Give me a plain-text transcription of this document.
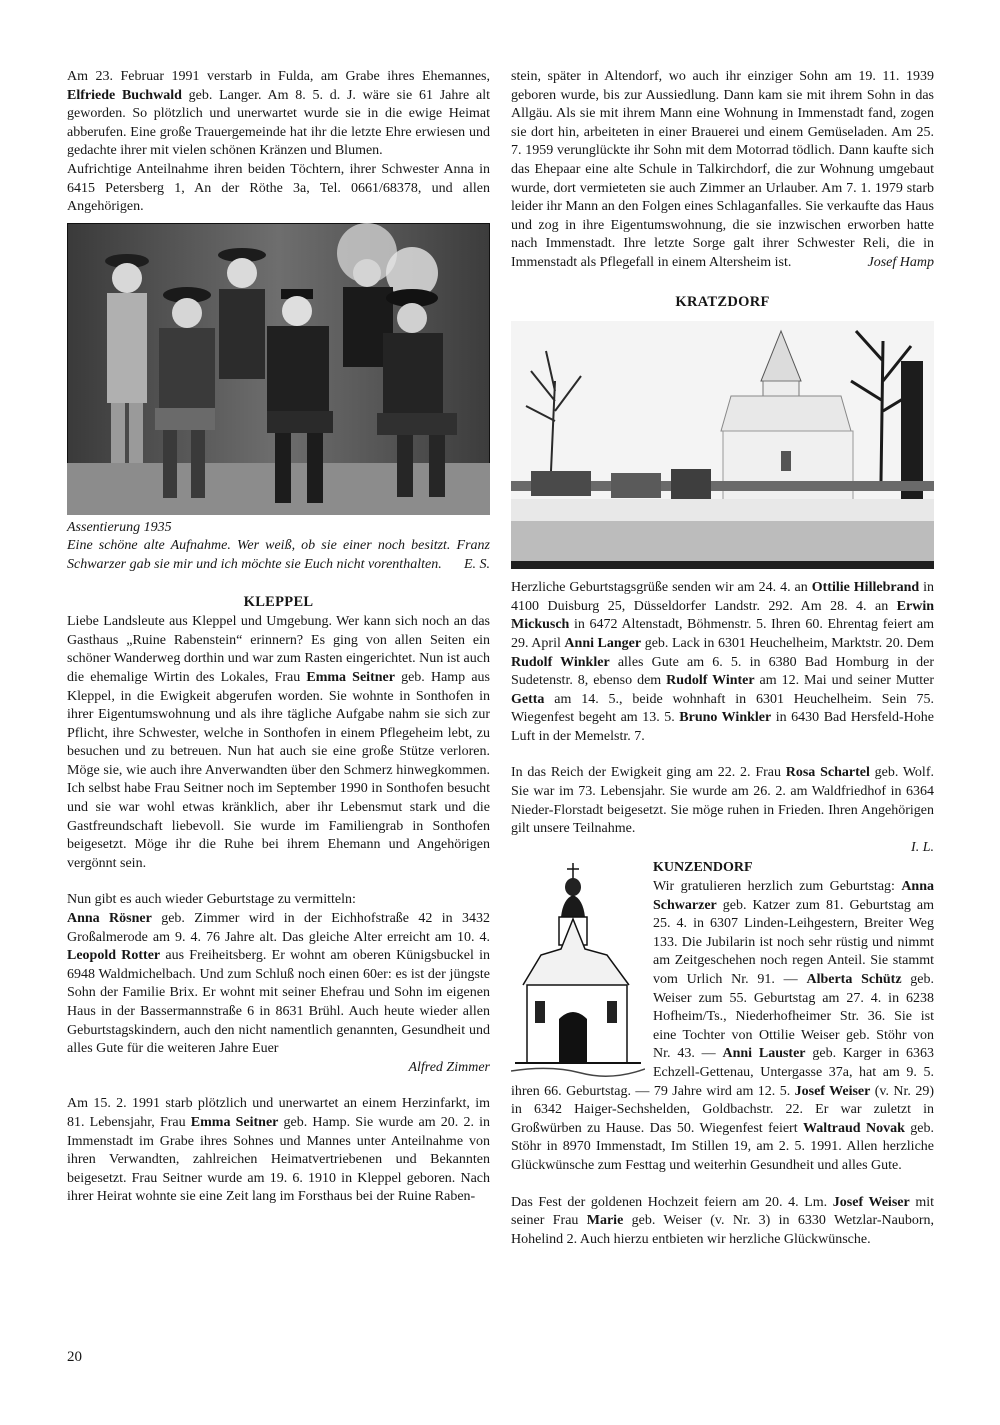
Am 23. Februar 1991 verstarb in Fulda, am Grabe ihres Ehemannes, Elfriede Buchwald geb. Langer. Am 8. 5. d. J. wäre sie 61 Jahre alt geworden. So plötzlich und unerwartet wurde sie in die ewige Heimat abberufen. Eine große Trauergemeinde hat ihr die letzte Ehre erwiesen und gedachte ihrer mit vielen schönen Kränzen und Blumen.

Aufrichtige Anteilnahme ihren beiden Töchtern, ihrer Schwester Anna in 6415 Petersberg 1, An der Röthe 3a, Tel. 0661/68378, und allen Angehörigen.

Assentierung 1935
Eine schöne alte Aufnahme. Wer weiß, ob sie einer noch besitzt. Franz Schwarzer gab sie mir und ich möchte sie Euch nicht vorenthalten. E. S.
KLEPPEL

Liebe Landsleute aus Kleppel und Umgebung. Wer kann sich noch an das Gasthaus „Ruine Rabenstein“ erinnern? Es ging von allen Seiten ein schöner Wanderweg dorthin und war zum Rasten eingerichtet. Nun ist auch die ehemalige Wirtin des Lokales, Frau Emma Seitner geb. Hamp aus Kleppel, in die Ewigkeit abgerufen worden. Sie wohnte in Sonthofen in ihrer Eigentumswohnung und als ihre tägliche Aufgabe nahm sie sich zur Pflicht, ihre Schwester, welche in Sonthofen in einem Pflegeheim lebt, zu besuchen und zu betreuen. Nun hat auch sie eine große Stütze verloren. Möge sie, wie auch ihre Anverwandten über den Schmerz hinwegkommen. Ich selbst habe Frau Seitner noch im September 1990 in Sonthofen besucht und sie war wohl etwas kränklich, aber ihr Lebensmut stark und die Gastfreundschaft liebevoll. Sie wurde im Familiengrab in Sonthofen beigesetzt. Möge ihr die Ruhe bei ihrem Ehemann und Angehörigen vergönnt sein.

Nun gibt es auch wieder Geburtstage zu vermitteln:

Anna Rösner geb. Zimmer wird in der Eichhofstraße 42 in 3432 Großalmerode am 9. 4. 76 Jahre alt. Das gleiche Alter erreicht am 10. 4. Leopold Rotter aus Freiheitsberg. Er wohnt am oberen Künigsbuckel in 6948 Waldmichelbach. Und zum Schluß noch einen 60er: es ist der jüngste Sohn der Familie Brix. Er wohnt mit seiner Ehefrau und Sohn im eigenen Haus in der Bassermannstraße 6 in 8631 Brühl. Auch heute wieder allen Geburtstagskindern, auch den nicht namentlich genannten, Gesundheit und alles Gute für die weiteren Jahre Euer

Alfred Zimmer

Am 15. 2. 1991 starb plötzlich und unerwartet an einem Herzinfarkt, im 81. Lebensjahr, Frau Emma Seitner geb. Hamp. Sie wurde am 20. 2. in Immenstadt im Grabe ihres Sohnes und Mannes unter Anteilnahme von ihren Verwandten, zahlreichen Heimatvertriebenen und Bekannten beigesetzt. Frau Seitner wurde am 19. 6. 1910 in Kleppel geboren. Nach ihrer Heirat wohnte sie eine Zeit lang im Forsthaus bei der Ruine Raben-

stein, später in Altendorf, wo auch ihr einziger Sohn am 19. 11. 1939 geboren wurde, bis zur Aussiedlung. Dann kam sie mit ihrem Sohn in das Allgäu. Als sie mit ihrem Mann eine Wohnung in Immenstadt fand, zogen sie dort hin, arbeiteten in einer Brauerei und einem Gemüseladen. Am 25. 7. 1959 verunglückte ihr Sohn mit dem Motorrad tödlich. Dann kaufte sich das Ehepaar eine alte Schule in Talkirchdorf, die zur Wohnung umgebaut wurde, dort vermieteten sie auch Zimmer an Urlauber. Am 7. 1. 1979 starb leider ihr Mann an den Folgen eines Schlaganfalles. Sie verkaufte das Haus und zog in ihre Eigentumswohnung, die sie inzwischen erworben hatte nach Immenstadt. Ihre letzte Sorge galt ihrer Schwester Reli, die in Immenstadt als Pflegefall in einem Altersheim ist.	Josef Hamp

KRATZDORF

Herzliche Geburtstagsgrüße senden wir am 24. 4. an Ottilie Hillebrand in 4100 Duisburg 25, Düsseldorfer Landstr. 292. Am 28. 4. an Erwin Mickusch in 6472 Altenstadt, Böhmenstr. 5. Ihren 60. Ehrentag feiert am 29. April Anni Langer geb. Lack in 6301 Heuchelheim, Marktstr. 20. Dem Rudolf Winkler alles Gute am 6. 5. in 6380 Bad Homburg in der Sudetenstr. 8, ebenso dem Rudolf Winter am 12. Mai und seiner Mutter Getta am 14. 5., beide wohnhaft in 6301 Heuchelheim. Sein 75. Wiegenfest begeht am 13. 5. Bruno Winkler in 6430 Bad Hersfeld-Hohe Luft in der Memelstr. 7.

In das Reich der Ewigkeit ging am 22. 2. Frau Rosa Schartel geb. Wolf. Sie war im 73. Lebensjahr. Sie wurde am 26. 2. am Waldfriedhof in 6364 Nieder-Florstadt beigesetzt. Sie möge ruhen in Frieden. Ihren Angehörigen gilt unsere Teilnahme.

I. L.

KUNZENDORF

Wir gratulieren herzlich zum Geburtstag: Anna Schwarzer geb. Katzer zum 81. Geburtstag am 25. 4. in 6307 Linden-Leihgestern, Breiter Weg 133. Die Jubilarin ist noch sehr rüstig und nimmt am Zeitgeschehen noch regen Anteil. Sie stammt vom Urlich Nr. 91. — Alberta Schütz geb. Weiser zum 55. Geburtstag am 27. 4. in 6238 Hofheim/Ts., Niederhofheimer Str. 36. Sie ist eine Tochter von Ottilie Weiser geb. Stöhr von Nr. 43. — Anni Lauster geb. Karger in 6363 Echzell-Gettenau, Untergasse 37a, hat am 9. 5. ihren 66. Geburtstag. — 79 Jahre wird am 12. 5. Josef Weiser (v. Nr. 29) in 6342 Haiger-Sechshelden, Goldbachstr. 22. Er war zuletzt in Großwürben zu Hause. Das 50. Wiegenfest feiert Waltraud Novak geb. Stöhr in 8970 Immenstadt, Im Stillen 19, am 2. 5. 1991. Allen herzliche Glückwünsche zum Festtag und weiterhin Gesundheit und alles Gute.

Das Fest der goldenen Hochzeit feiern am 20. 4. Lm. Josef Weiser mit seiner Frau Marie geb. Weiser (v. Nr. 3) in 6330 Wetzlar-Nauborn, Hohelind 2. Auch hierzu entbieten wir herzliche Glückwünsche.

20
